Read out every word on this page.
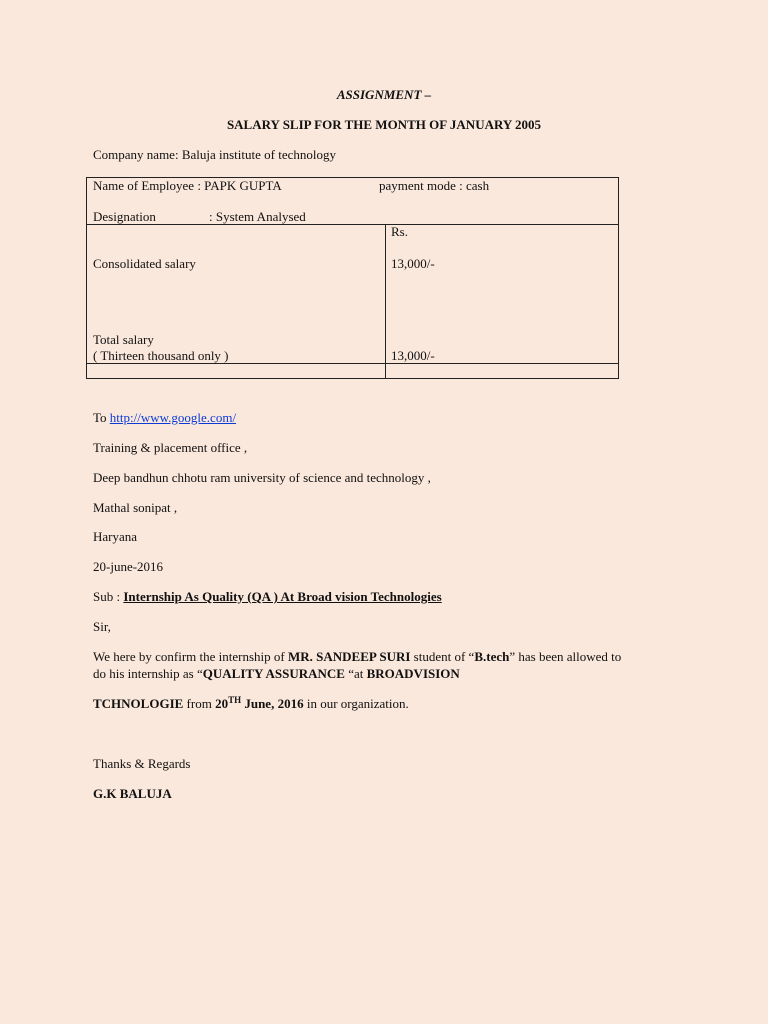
ASSIGNMENT –
SALARY SLIP FOR THE MONTH OF JANUARY 2005
Company name: Baluja institute of technology
Name of Employee : PAPK GUPTA	payment mode : cash
Designation	: System Analysed
Rs.
Consolidated salary	13,000/-
Total salary
( Thirteen thousand only )	13,000/-
To http://www.google.com/
Training & placement office ,
Deep bandhun chhotu ram university of science and technology ,
Mathal sonipat ,
Haryana
20-june-2016
Sub : Internship As Quality (QA ) At Broad vision Technologies
Sir,
We here by confirm the internship of MR. SANDEEP SURI student of “B.tech” has been allowed to
do his internship as “QUALITY ASSURANCE “at BROADVISION
TCHNOLOGIE from 20TH June, 2016 in our organization.
Thanks & Regards
G.K BALUJA
